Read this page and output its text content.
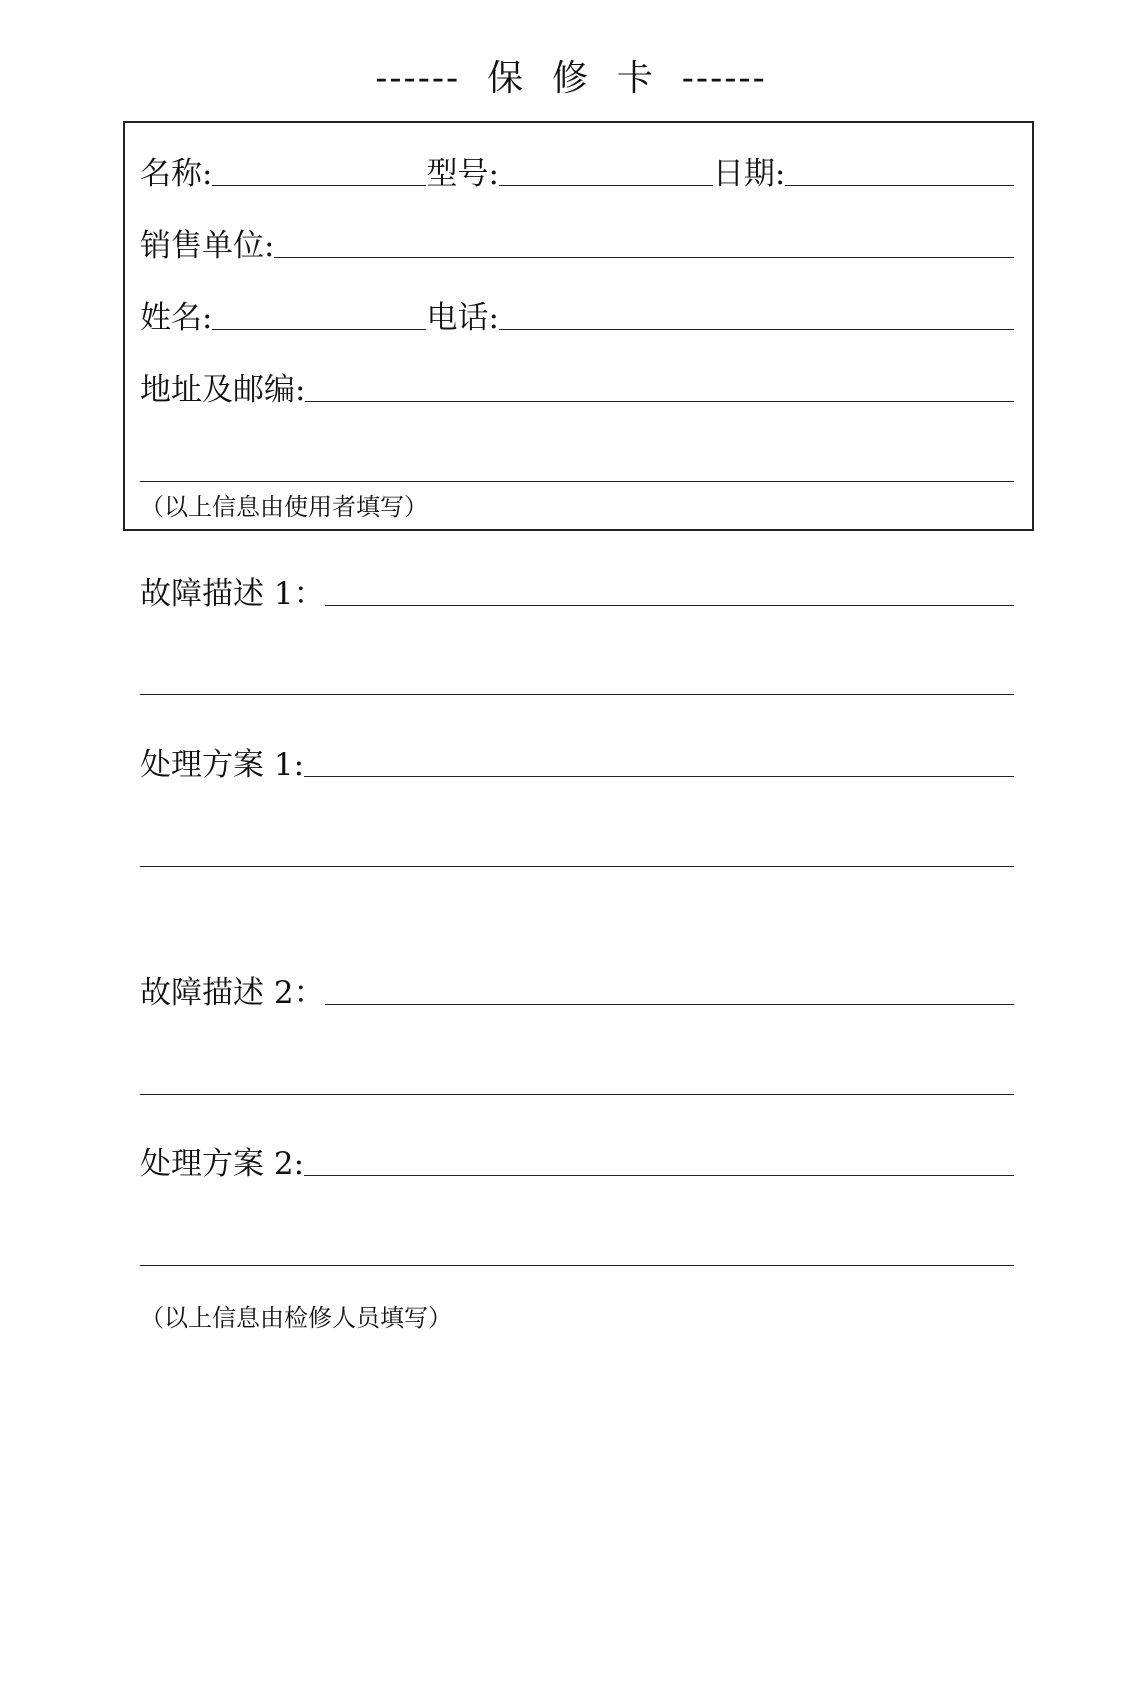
------  保  修  卡  ------
名称:	型号:	日期:
销售单位:
姓名:	电话:
地址及邮编:
（以上信息由使用者填写）
故障描述 1：
处理方案 1:
故障描述 2：
处理方案 2:
（以上信息由检修人员填写）
